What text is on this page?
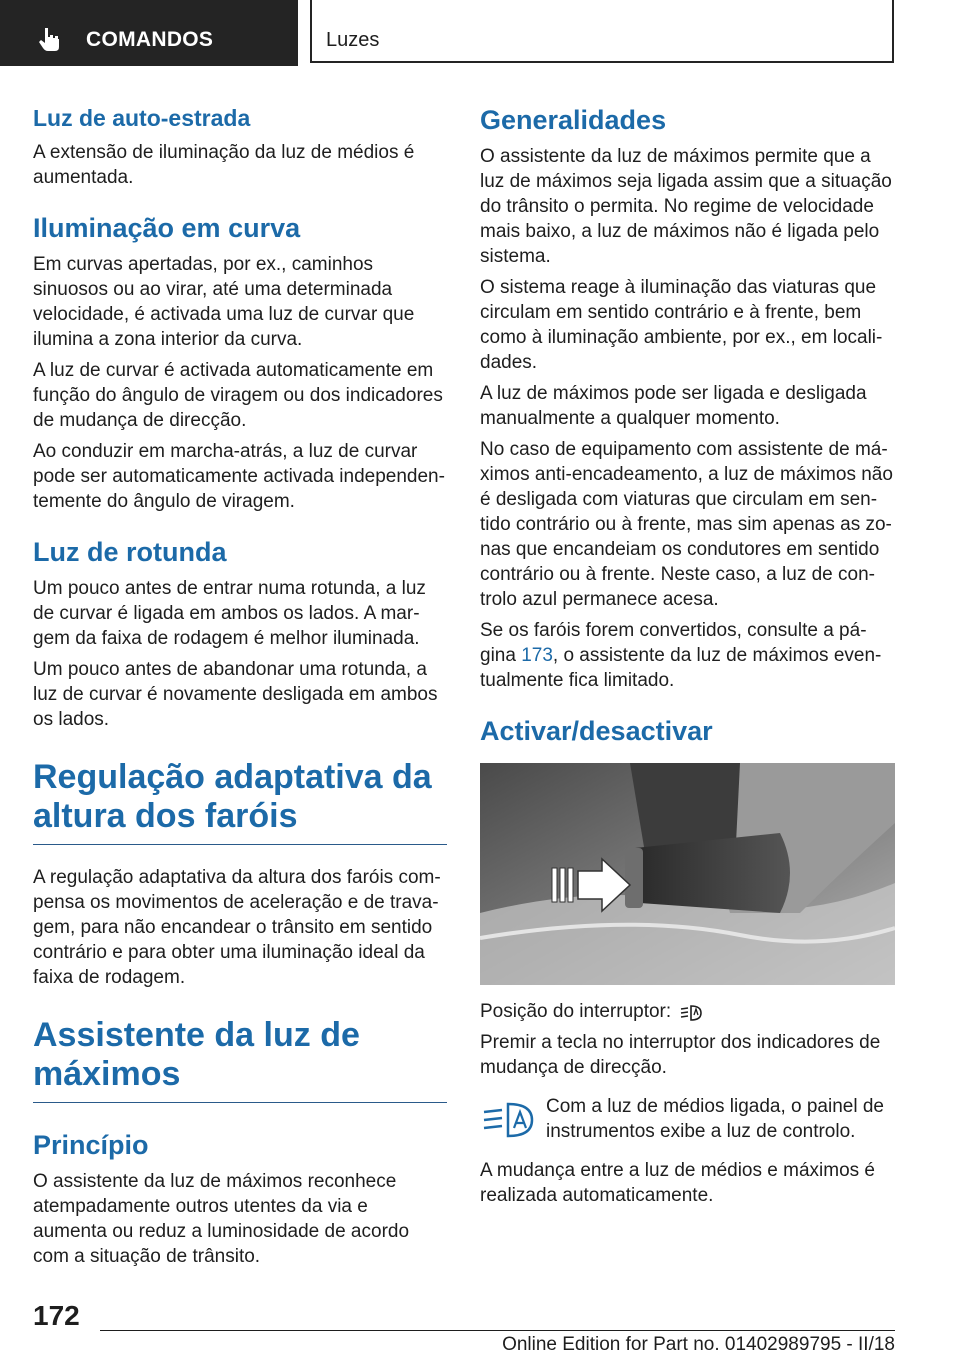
COMANDOS	Luzes
Luz de auto-estrada

A extensão de iluminação da luz de médios é aumentada.

Iluminação em curva

Em curvas apertadas, por ex., caminhos sinuosos ou ao virar, até uma determinada velocidade, é activada uma luz de curvar que ilumina a zona interior da curva.

A luz de curvar é activada automaticamente em função do ângulo de viragem ou dos indicadores de mudança de direcção.

Ao conduzir em marcha-atrás, a luz de curvar pode ser automaticamente activada independentemente do ângulo de viragem.

Luz de rotunda

Um pouco antes de entrar numa rotunda, a luz de curvar é ligada em ambos os lados. A margem da faixa de rodagem é melhor iluminada.

Um pouco antes de abandonar uma rotunda, a luz de curvar é novamente desligada em ambos os lados.

Regulação adaptativa da altura dos faróis

A regulação adaptativa da altura dos faróis compensa os movimentos de aceleração e de travagem, para não encandear o trânsito em sentido contrário e para obter uma iluminação ideal da faixa de rodagem.

Assistente da luz de máximos
Princípio

O assistente da luz de máximos reconhece atempadamente outros utentes da via e aumenta ou reduz a luminosidade de acordo com a situação de trânsito.

Generalidades

O assistente da luz de máximos permite que a luz de máximos seja ligada assim que a situação do trânsito o permita. No regime de velocidade mais baixo, a luz de máximos não é ligada pelo sistema.

O sistema reage à iluminação das viaturas que circulam em sentido contrário e à frente, bem como à iluminação ambiente, por ex., em localidades.

A luz de máximos pode ser ligada e desligada manualmente a qualquer momento.

No caso de equipamento com assistente de máximos anti-encadeamento, a luz de máximos não é desligada com viaturas que circulam em sentido contrário ou à frente, mas sim apenas as zonas que encandeiam os condutores em sentido contrário ou à frente. Neste caso, a luz de controlo azul permanece acesa.

Se os faróis forem convertidos, consulte a página 173, o assistente da luz de máximos eventualmente fica limitado.

Activar/desactivar

Posição do interruptor:

Premir a tecla no interruptor dos indicadores de mudança de direcção.

Com a luz de médios ligada, o painel de instrumentos exibe a luz de controlo.

A mudança entre a luz de médios e máximos é realizada automaticamente.

172
Online Edition for Part no. 01402989795 - II/18
